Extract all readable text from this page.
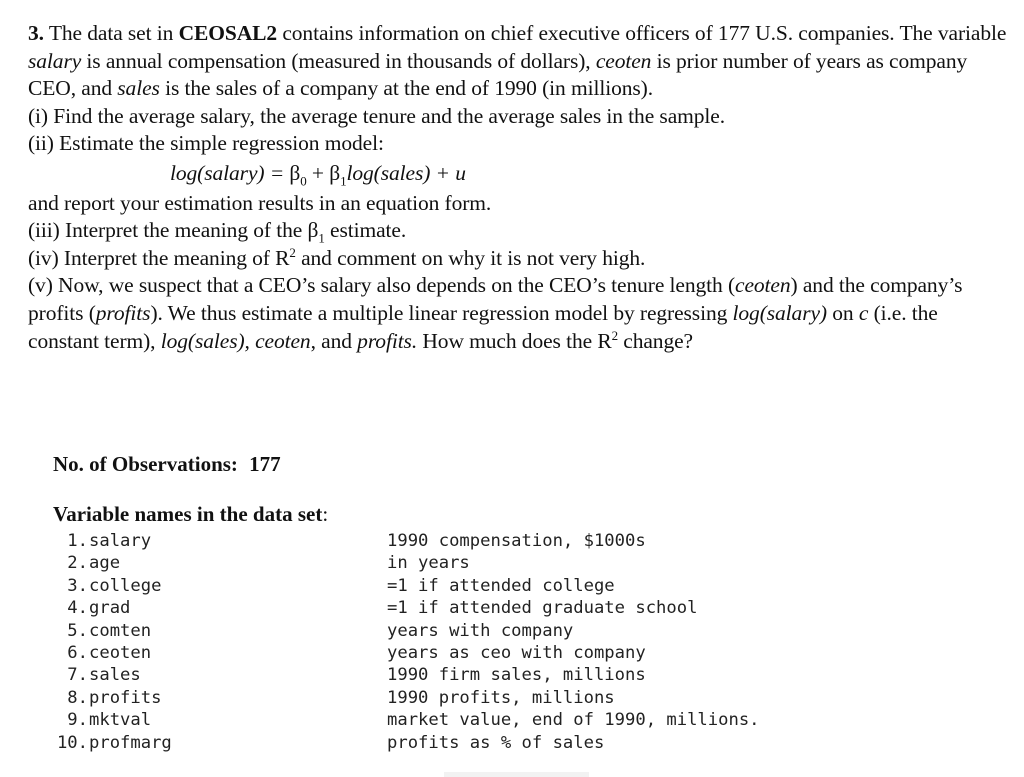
3. The data set in CEOSAL2 contains information on chief executive officers of 177 U.S. companies. The variable salary is annual compensation (measured in thousands of dollars), ceoten is prior number of years as company CEO, and sales is the sales of a company at the end of 1990 (in millions).

(i) Find the average salary, the average tenure and the average sales in the sample.

(ii) Estimate the simple regression model:

log(salary) = $\beta_0$ + $\beta_1\log(sales) + u$

and report your estimation results in an equation form.

(iii) Interpret the meaning of the $\beta_1$ estimate.

(iv) Interpret the meaning of $R^2$ and comment on why it is not very high.

(v) Now, we suspect that a CEO’s salary also depends on the CEO’s tenure length (ceoten) and the company’s profits (profits). We thus estimate a multiple linear regression model by regressing log(salary) on c (i.e. the constant term), log(sales), ceoten, and profits. How much does the $R^2$ change?

No. of Observations: 177
Variable names in the data set:
1. salary	1990 compensation, $1000s
2. age	in years
3. college	=1 if attended college
4. grad	=1 if attended graduate school
5. comten	years with company
6. ceoten	years as ceo with company
7. sales	1990 firm sales, millions
8. profits	1990 profits, millions
9. mktval	market value, end of 1990, millions.
10. profmarg	profits as % of sales
